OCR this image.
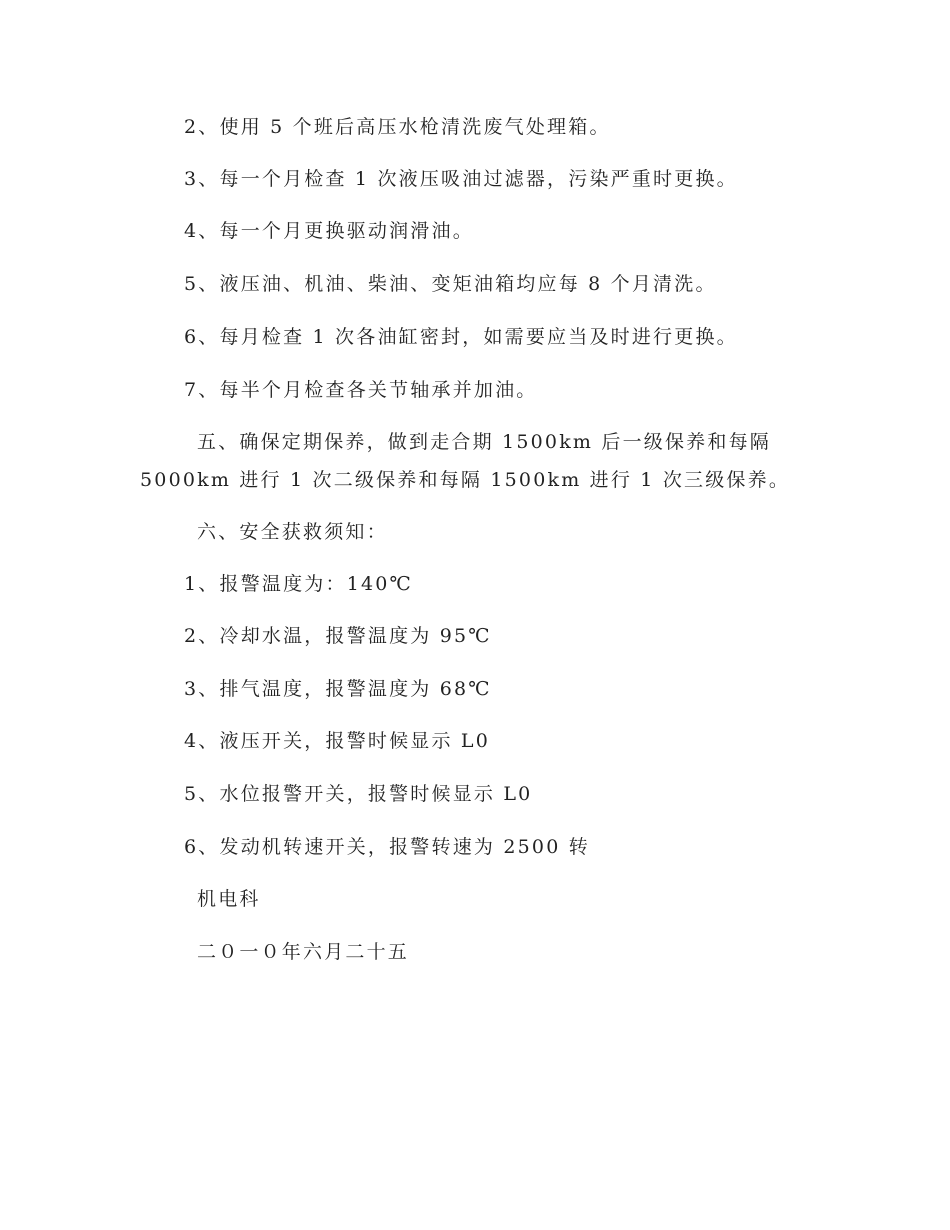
2、使用 5 个班后高压水枪清洗废气处理箱。
3、每一个月检查 1 次液压吸油过滤器，污染严重时更换。
4、每一个月更换驱动润滑油。
5、液压油、机油、柴油、变矩油箱均应每 8 个月清洗。
6、每月检查 1 次各油缸密封，如需要应当及时进行更换。
7、每半个月检查各关节轴承并加油。
五、确保定期保养，做到走合期 1500km 后一级保养和每隔
5000km 进行 1 次二级保养和每隔 1500km 进行 1 次三级保养。
六、安全获救须知：
1、报警温度为：140℃
2、冷却水温，报警温度为 95℃
3、排气温度，报警温度为 68℃
4、液压开关，报警时候显示 L0
5、水位报警开关，报警时候显示 L0
6、发动机转速开关，报警转速为 2500 转
机电科
二０一０年六月二十五
